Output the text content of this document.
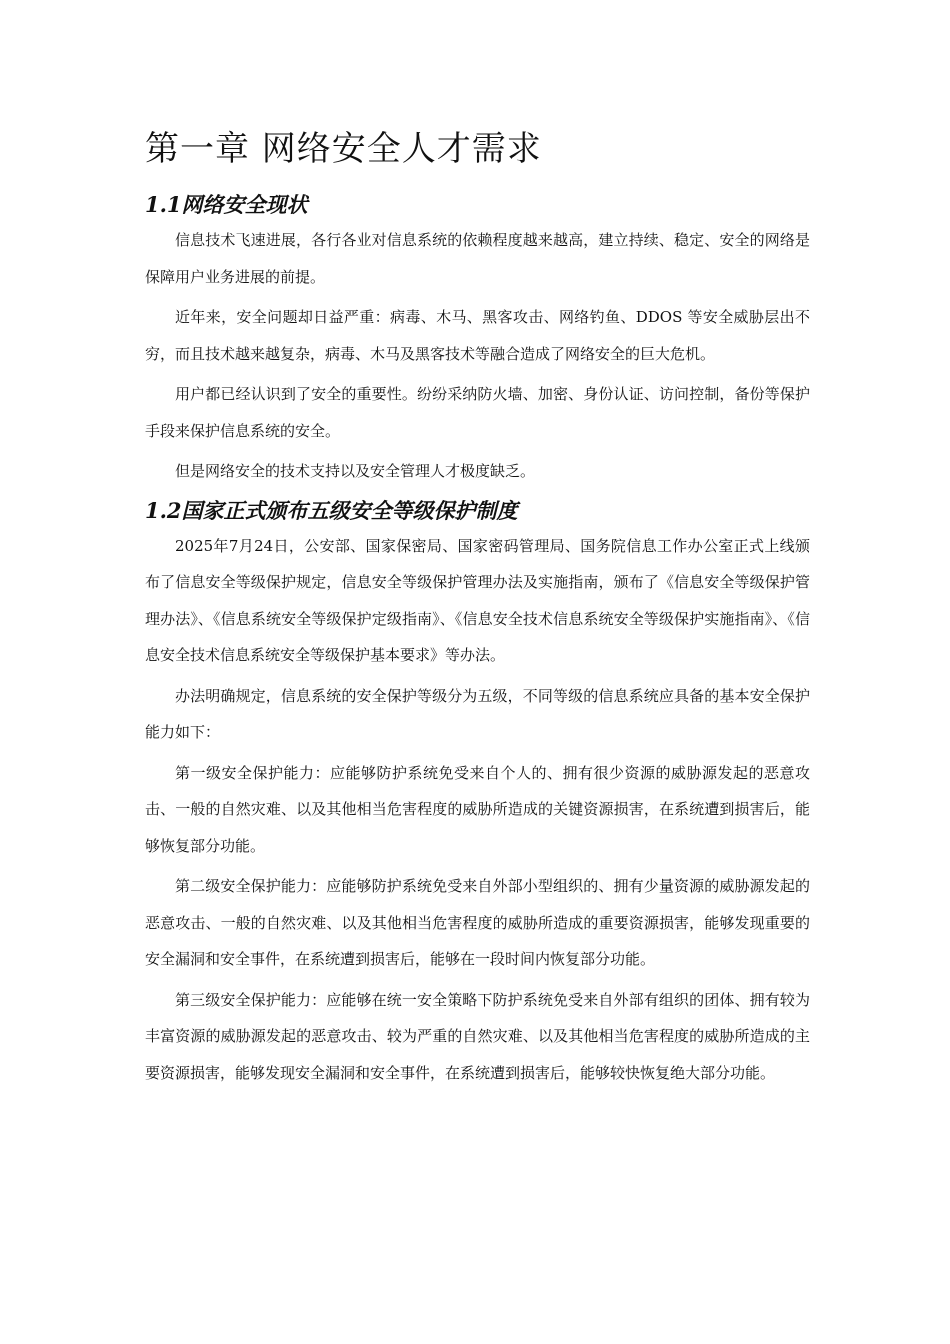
第一章 网络安全人才需求
1.1网络安全现状

信息技术飞速进展，各行各业对信息系统的依赖程度越来越高，建立持续、稳定、安全的网络是保障用户业务进展的前提。

近年来，安全问题却日益严重：病毒、木马、黑客攻击、网络钓鱼、DDOS 等安全威胁层出不穷，而且技术越来越复杂，病毒、木马及黑客技术等融合造成了网络安全的巨大危机。

用户都已经认识到了安全的重要性。纷纷采纳防火墙、加密、身份认证、访问控制，备份等保护手段来保护信息系统的安全。

但是网络安全的技术支持以及安全管理人才极度缺乏。

1.2国家正式颁布五级安全等级保护制度

2025年7月24日，公安部、国家保密局、国家密码管理局、国务院信息工作办公室正式上线颁布了信息安全等级保护规定，信息安全等级保护管理办法及实施指南，颁布了《信息安全等级保护管理办法》、《信息系统安全等级保护定级指南》、《信息安全技术信息系统安全等级保护实施指南》、《信息安全技术信息系统安全等级保护基本要求》等办法。

办法明确规定，信息系统的安全保护等级分为五级，不同等级的信息系统应具备的基本安全保护能力如下：

第一级安全保护能力：应能够防护系统免受来自个人的、拥有很少资源的威胁源发起的恶意攻击、一般的自然灾难、以及其他相当危害程度的威胁所造成的关键资源损害，在系统遭到损害后，能够恢复部分功能。

第二级安全保护能力：应能够防护系统免受来自外部小型组织的、拥有少量资源的威胁源发起的恶意攻击、一般的自然灾难、以及其他相当危害程度的威胁所造成的重要资源损害，能够发现重要的安全漏洞和安全事件，在系统遭到损害后，能够在一段时间内恢复部分功能。

第三级安全保护能力：应能够在统一安全策略下防护系统免受来自外部有组织的团体、拥有较为丰富资源的威胁源发起的恶意攻击、较为严重的自然灾难、以及其他相当危害程度的威胁所造成的主要资源损害，能够发现安全漏洞和安全事件，在系统遭到损害后，能够较快恢复绝大部分功能。
